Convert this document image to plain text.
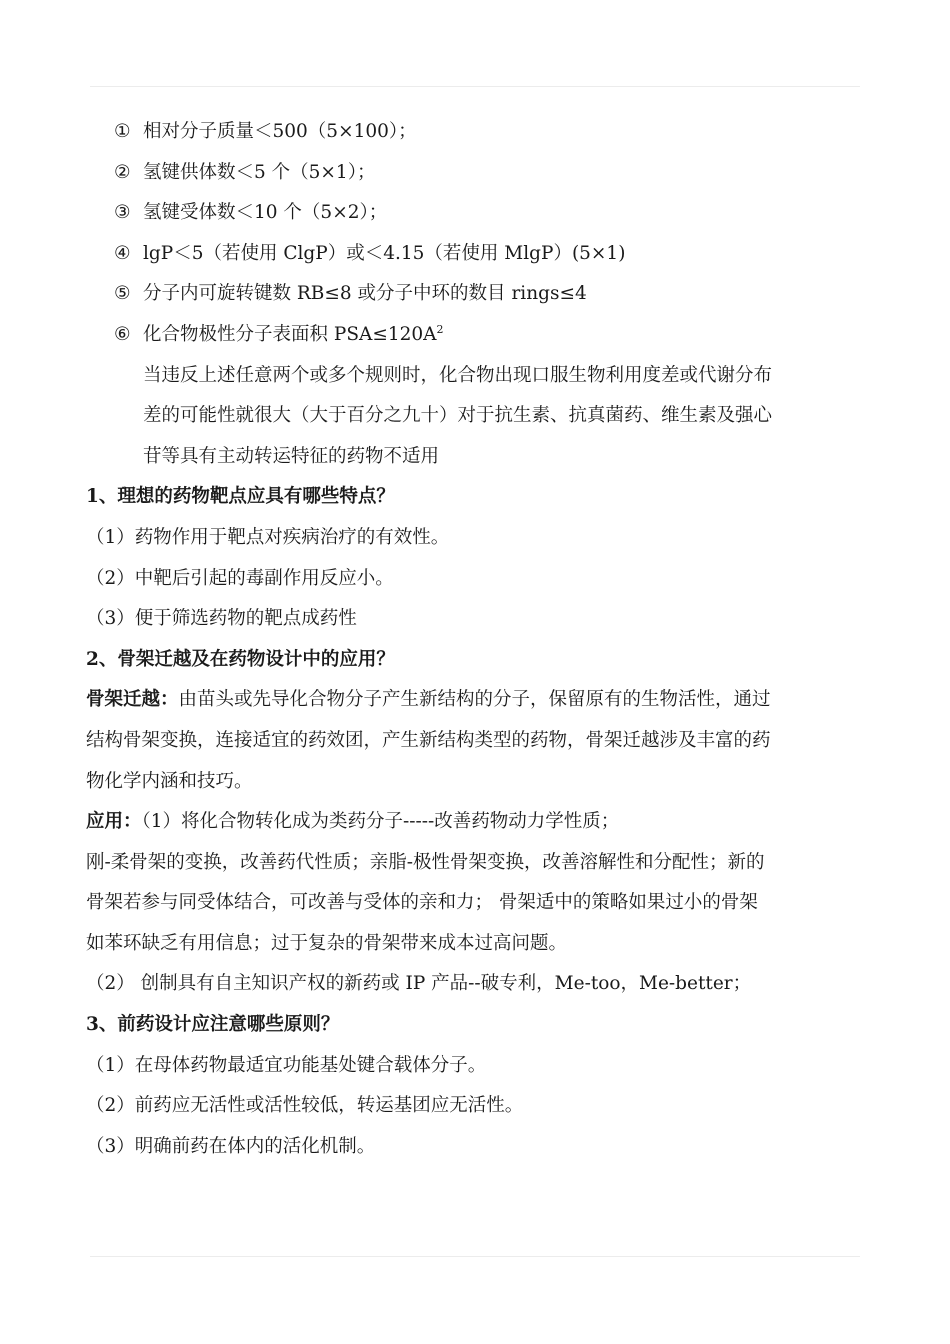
① 相对分子质量＜500（5×100）；
② 氢键供体数＜5 个（5×1）；
③ 氢键受体数＜10 个（5×2）；
④ lgP＜5（若使用 ClgP）或＜4.15（若使用 MlgP）(5×1)
⑤ 分子内可旋转键数 RB≤8 或分子中环的数目 rings≤4
⑥ 化合物极性分子表面积 $PSA\le 120A^2$
当违反上述任意两个或多个规则时，化合物出现口服生物利用度差或代谢分布
差的可能性就很大（大于百分之九十）对于抗生素、抗真菌药、维生素及强心
苷等具有主动转运特征的药物不适用
1、理想的药物靶点应具有哪些特点？
（1）药物作用于靶点对疾病治疗的有效性。
（2）中靶后引起的毒副作用反应小。
（3）便于筛选药物的靶点成药性
2、骨架迁越及在药物设计中的应用？
骨架迁越：由苗头或先导化合物分子产生新结构的分子，保留原有的生物活性，通过
结构骨架变换，连接适宜的药效团，产生新结构类型的药物，骨架迁越涉及丰富的药
物化学内涵和技巧。
应用：（1）将化合物转化成为类药分子-----改善药物动力学性质；
刚-柔骨架的变换，改善药代性质；亲脂-极性骨架变换，改善溶解性和分配性；新的
骨架若参与同受体结合，可改善与受体的亲和力； 骨架适中的策略如果过小的骨架
如苯环缺乏有用信息；过于复杂的骨架带来成本过高问题。
（2） 创制具有自主知识产权的新药或 IP 产品--破专利，Me-too，Me-better；
3、前药设计应注意哪些原则？
（1）在母体药物最适宜功能基处键合载体分子。
（2）前药应无活性或活性较低，转运基团应无活性。
（3）明确前药在体内的活化机制。
